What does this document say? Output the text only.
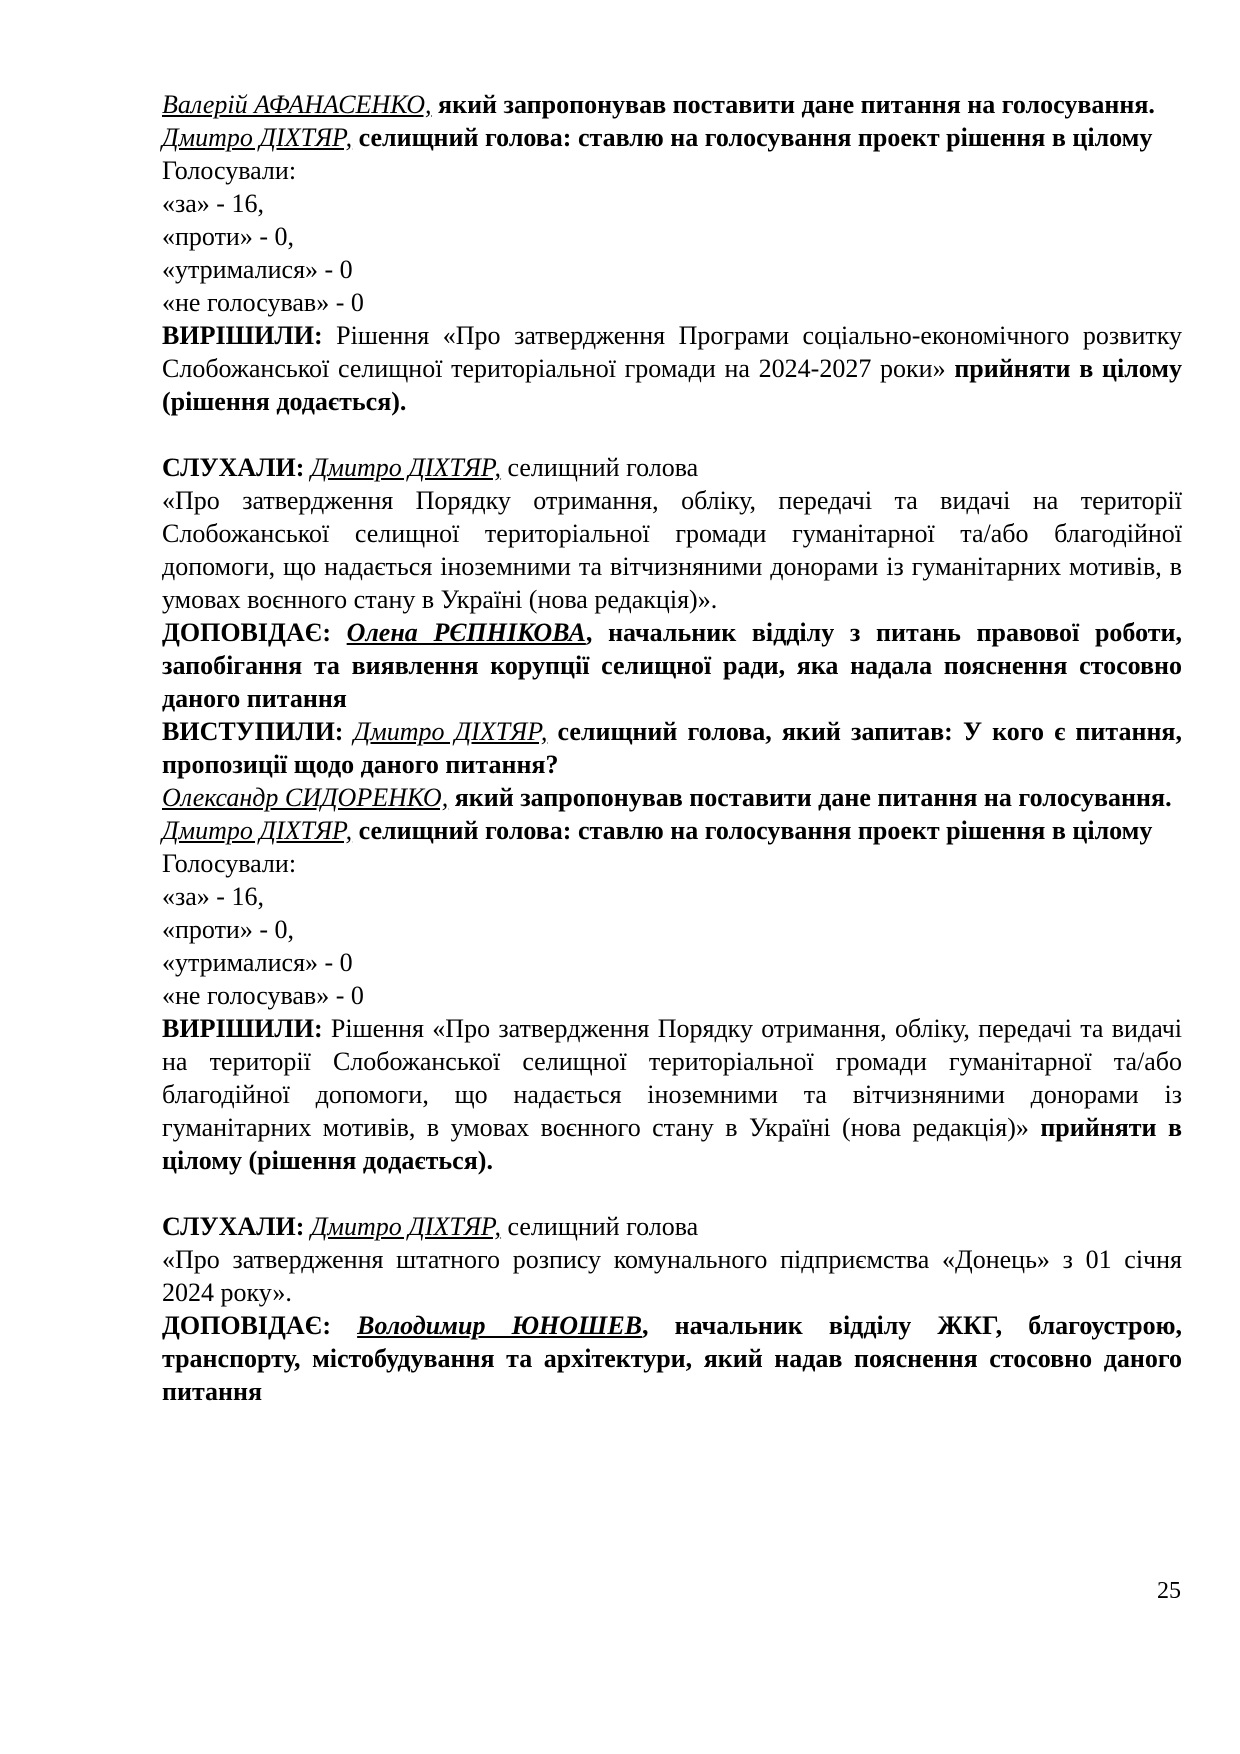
Валерій АФАНАСЕНКО, який запропонував поставити дане питання на голосування.

Дмитро ДІХТЯР, селищний голова: ставлю на голосування проект рішення в цілому

Голосували:

«за» - 16,

«проти» - 0,

«утрималися» - 0

«не голосував» - 0

ВИРІШИЛИ: Рішення «Про затвердження Програми соціально-економічного розвитку Слобожанської селищної територіальної громади на 2024-2027 роки» прийняти в цілому (рішення додається).

СЛУХАЛИ: Дмитро ДІХТЯР, селищний голова

«Про затвердження Порядку отримання, обліку, передачі та видачі на території Слобожанської селищної територіальної громади гуманітарної та/або благодійної допомоги, що надається іноземними та вітчизняними донорами із гуманітарних мотивів, в умовах воєнного стану в Україні (нова редакція)».

ДОПОВІДАЄ: Олена РЄПНІКОВА, начальник відділу з питань правової роботи, запобігання та виявлення корупції селищної ради, яка надала пояснення стосовно даного питання

ВИСТУПИЛИ: Дмитро ДІХТЯР, селищний голова, який запитав: У кого є питання, пропозиції щодо даного питання?

Олександр СИДОРЕНКО, який запропонував поставити дане питання на голосування.

Дмитро ДІХТЯР, селищний голова: ставлю на голосування проект рішення в цілому

Голосували:

«за» - 16,

«проти» - 0,

«утрималися» - 0

«не голосував» - 0

ВИРІШИЛИ: Рішення «Про затвердження Порядку отримання, обліку, передачі та видачі на території Слобожанської селищної територіальної громади гуманітарної та/або благодійної допомоги, що надається іноземними та вітчизняними донорами із гуманітарних мотивів, в умовах воєнного стану в Україні (нова редакція)» прийняти в цілому (рішення додається).

СЛУХАЛИ: Дмитро ДІХТЯР, селищний голова

«Про затвердження штатного розпису комунального підприємства «Донець» з 01 січня 2024 року».

ДОПОВІДАЄ: Володимир ЮНОШЕВ, начальник відділу ЖКГ, благоустрою, транспорту, містобудування та архітектури, який надав пояснення стосовно даного питання

25
